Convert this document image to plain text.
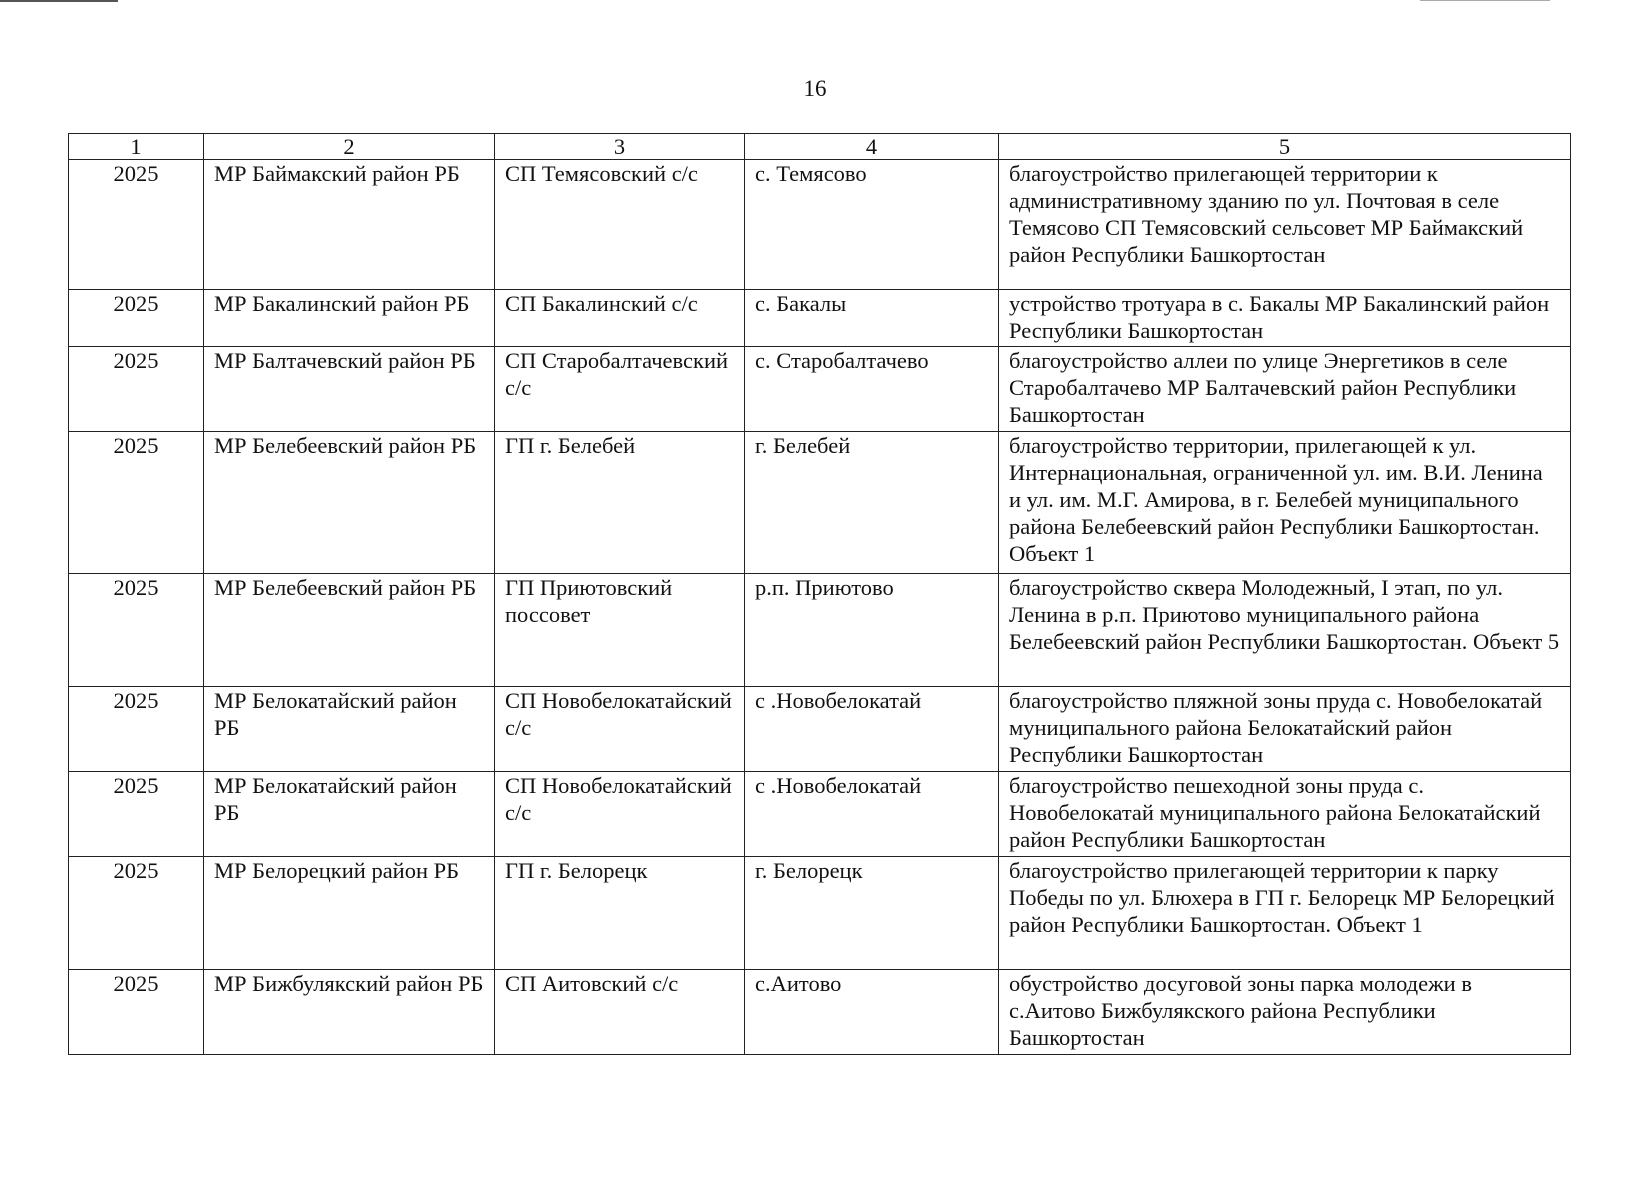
16
1	2	3	4	5
2025	МР Баймакский район РБ	СП Темясовский с/с	с. Темясово	благоустройство прилегающей территории к административному зданию по ул. Почтовая в селе Темясово СП Темясовский сельсовет МР Баймакский район Республики Башкортостан
2025	МР Бакалинский район РБ	СП Бакалинский с/с	с. Бакалы	устройство тротуара в с. Бакалы МР Бакалинский район Республики Башкортостан
2025	МР Балтачевский район РБ	СП Старобалтачевский с/с	с. Старобалтачево	благоустройство аллеи по улице Энергетиков в селе Старобалтачево МР Балтачевский район Республики Башкортостан
2025	МР Белебеевский район РБ	ГП г. Белебей	г. Белебей	благоустройство территории, прилегающей к ул. Интернациональная, ограниченной ул. им. В.И. Ленина и ул. им. М.Г. Амирова, в г. Белебей муниципального района Белебеевский район Республики Башкортостан. Объект 1
2025	МР Белебеевский район РБ	ГП Приютовский поссовет	р.п. Приютово	благоустройство сквера Молодежный, I этап, по ул. Ленина в р.п. Приютово муниципального района Белебеевский район Республики Башкортостан. Объект 5
2025	МР Белокатайский район РБ	СП Новобелокатайский с/с	с .Новобелокатай	благоустройство пляжной зоны пруда с. Новобелокатай муниципального района Белокатайский район Республики Башкортостан
2025	МР Белокатайский район РБ	СП Новобелокатайский с/с	с .Новобелокатай	благоустройство пешеходной зоны пруда с. Новобелокатай муниципального района Белокатайский район Республики Башкортостан
2025	МР Белорецкий район РБ	ГП г. Белорецк	г. Белорецк	благоустройство прилегающей территории к парку Победы по ул. Блюхера в ГП г. Белорецк МР Белорецкий район Республики Башкортостан. Объект 1
2025	МР Бижбулякский район РБ	СП Аитовский с/с	с.Аитово	обустройство досуговой зоны парка молодежи в с.Аитово Бижбулякского района Республики Башкортостан
